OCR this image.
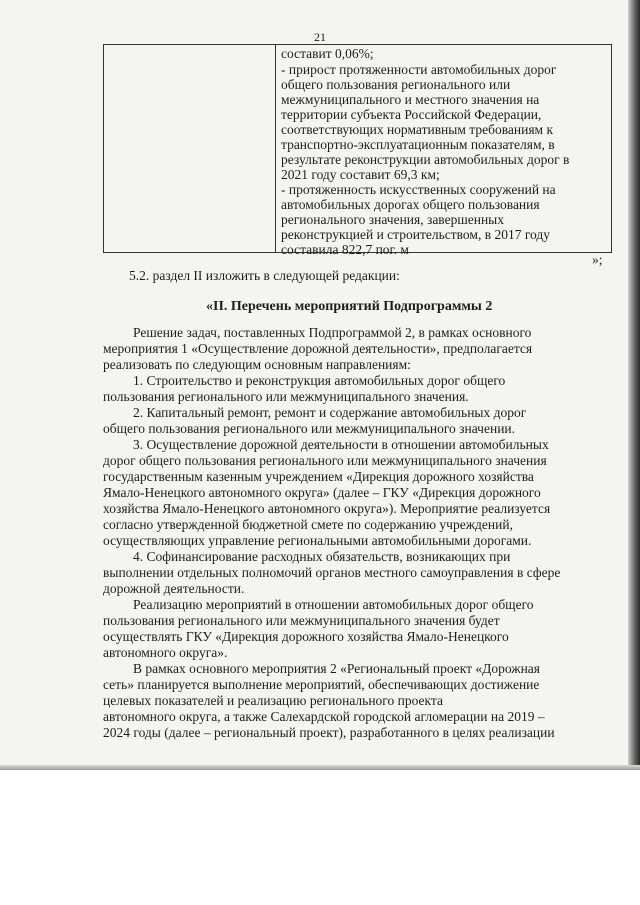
21
составит 0,06%;
- прирост протяженности автомобильных дорог
общего пользования регионального или
межмуниципального и местного значения на
территории субъекта Российской Федерации,
соответствующих нормативным требованиям к
транспортно-эксплуатационным показателям, в
результате реконструкции автомобильных дорог в
2021 году составит 69,3 км;
- протяженность искусственных сооружений на
автомобильных дорогах общего пользования
регионального значения, завершенных
реконструкцией и строительством, в 2017 году
составила 822,7 пог. м
»;
5.2. раздел II изложить в следующей редакции:
«II. Перечень мероприятий Подпрограммы 2
Решение задач, поставленных Подпрограммой 2, в рамках основного
мероприятия 1 «Осуществление дорожной деятельности», предполагается
реализовать по следующим основным направлениям:
1. Строительство и реконструкция автомобильных дорог общего
пользования регионального или межмуниципального значения.
2. Капитальный ремонт, ремонт и содержание автомобильных дорог
общего пользования регионального или межмуниципального значении.
3. Осуществление дорожной деятельности в отношении автомобильных
дорог общего пользования регионального или межмуниципального значения
государственным казенным учреждением «Дирекция дорожного хозяйства
Ямало-Ненецкого автономного округа» (далее – ГКУ «Дирекция дорожного
хозяйства Ямало-Ненецкого автономного округа»). Мероприятие реализуется
согласно утвержденной бюджетной смете по содержанию учреждений,
осуществляющих управление региональными автомобильными дорогами.
4. Софинансирование расходных обязательств, возникающих при
выполнении отдельных полномочий органов местного самоуправления в сфере
дорожной деятельности.
Реализацию мероприятий в отношении автомобильных дорог общего
пользования регионального или межмуниципального значения будет
осуществлять ГКУ «Дирекция дорожного хозяйства Ямало-Ненецкого
автономного округа».
В рамках основного мероприятия 2 «Региональный проект «Дорожная
сеть» планируется выполнение мероприятий, обеспечивающих достижение
целевых показателей и реализацию регионального проекта
автономного округа, а также Салехардской городской агломерации на 2019 –
2024 годы (далее – региональный проект), разработанного в целях реализации
